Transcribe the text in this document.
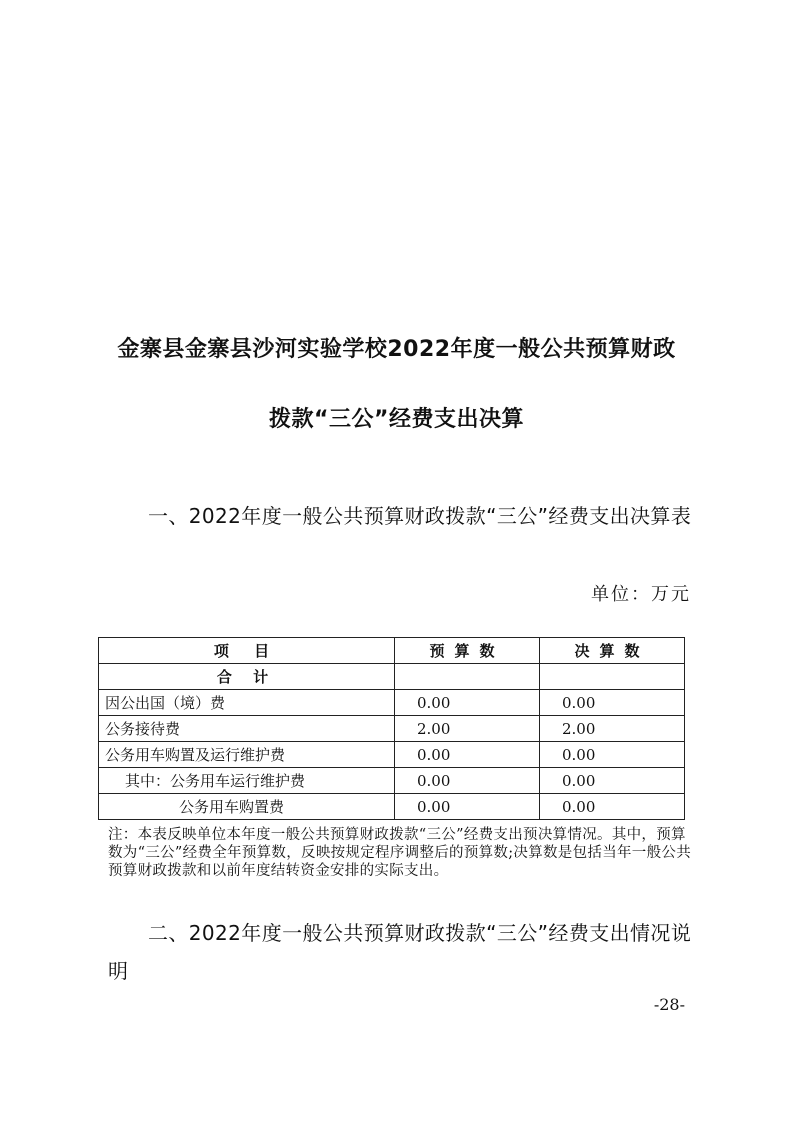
金寨县金寨县沙河实验学校2022年度一般公共预算财政
拨款“三公”经费支出决算
一、2022年度一般公共预算财政拨款“三公”经费支出决算表
单位：万元
项 目	预算数	决算数
合 计		
因公出国（境）费	0.00	0.00
公务接待费	2.00	2.00
公务用车购置及运行维护费	0.00	0.00
其中：公务用车运行维护费	0.00	0.00
公务用车购置费	0.00	0.00
注：本表反映单位本年度一般公共预算财政拨款“三公”经费支出预决算情况。其中，预算数为“三公”经费全年预算数，反映按规定程序调整后的预算数;决算数是包括当年一般公共预算财政拨款和以前年度结转资金安排的实际支出。
二、2022年度一般公共预算财政拨款“三公”经费支出情况说明
-28-
